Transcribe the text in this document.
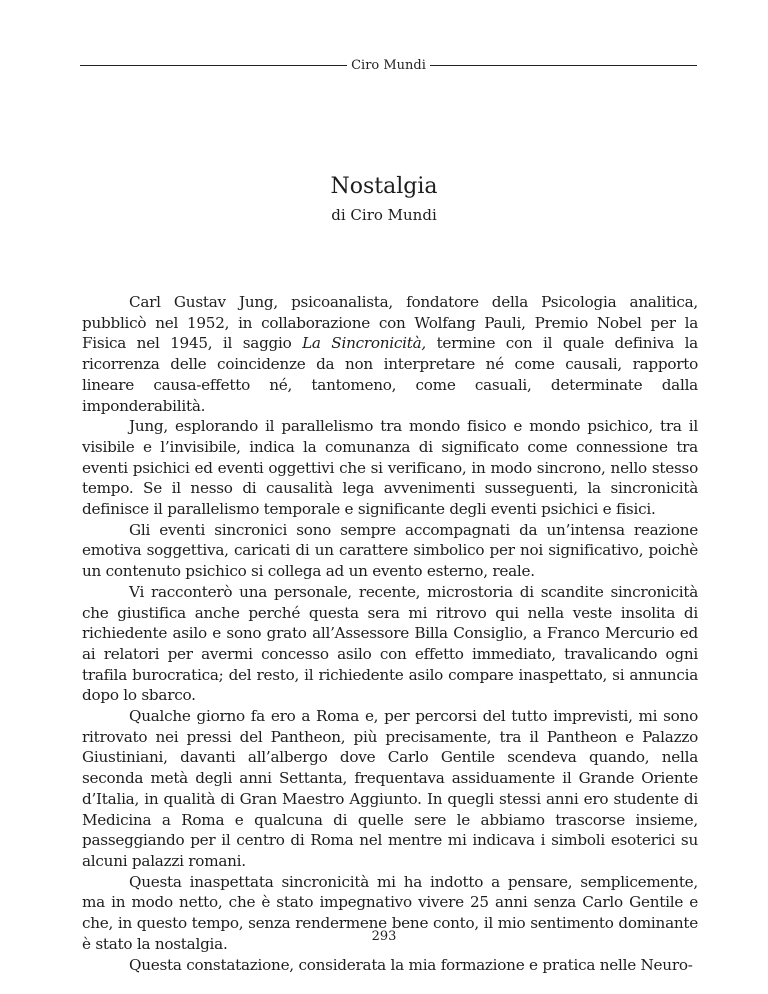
Ciro Mundi
Nostalgia
di Ciro Mundi

Carl Gustav Jung, psicoanalista, fondatore della Psicologia analitica, pubblicò nel 1952, in collaborazione con Wolfang Pauli, Premio Nobel per la Fisica nel 1945, il saggio La Sincronicità, termine con il quale definiva la ricorrenza delle coincidenze da non interpretare né come causali, rapporto lineare causa-effetto né, tantomeno, come casuali, determinate dalla imponderabilità.

Jung, esplorando il parallelismo tra mondo fisico e mondo psichico, tra il visibile e l’invisibile, indica la comunanza di significato come connessione tra eventi psichici ed eventi oggettivi che si verificano, in modo sincrono, nello stesso tempo. Se il nesso di causalità lega avvenimenti susseguenti, la sincronicità definisce il parallelismo temporale e significante degli eventi psichici e fisici.

Gli eventi sincronici sono sempre accompagnati da un’intensa reazione emotiva soggettiva, caricati di un carattere simbolico per noi significativo, poichè un contenuto psichico si collega ad un evento esterno, reale.

Vi racconterò una personale, recente, microstoria di scandite sincronicità che giustifica anche perché questa sera mi ritrovo qui nella veste insolita di richiedente asilo e sono grato all’Assessore Billa Consiglio, a Franco Mercurio ed ai relatori per avermi concesso asilo con effetto immediato, travalicando ogni trafila burocratica; del resto, il richiedente asilo compare inaspettato, si annuncia dopo lo sbarco.

Qualche giorno fa ero a Roma e, per percorsi del tutto imprevisti, mi sono ritrovato nei pressi del Pantheon, più precisamente, tra il Pantheon e Palazzo Giustiniani, davanti all’albergo dove Carlo Gentile scendeva quando, nella seconda metà degli anni Settanta, frequentava assiduamente il Grande Oriente d’Italia, in qualità di Gran Maestro Aggiunto. In quegli stessi anni ero studente di Medicina a Roma e qualcuna di quelle sere le abbiamo trascorse insieme, passeggiando per il centro di Roma nel mentre mi indicava i simboli esoterici su alcuni palazzi romani.

Questa inaspettata sincronicità mi ha indotto a pensare, semplicemente, ma in modo netto, che è stato impegnativo vivere 25 anni senza Carlo Gentile e che, in questo tempo, senza rendermene bene conto, il mio sentimento dominante è stato la nostalgia.

Questa constatazione, considerata la mia formazione e pratica nelle Neuro-

293
